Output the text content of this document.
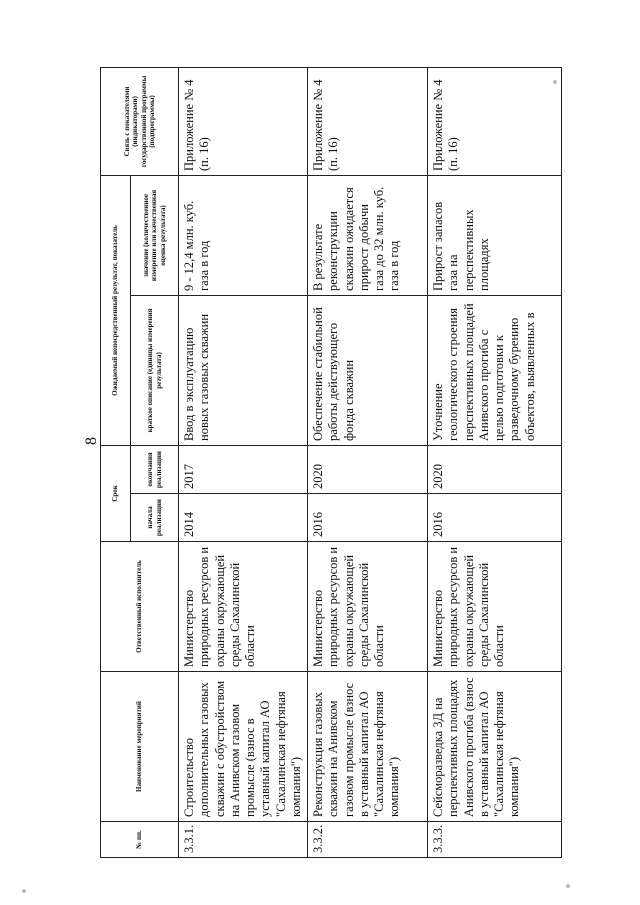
8
№ пп.	Наименование мероприятий	Ответственный исполнитель	Срок		Ожидаемый непосредственный результат, показатель		Связь с показателями (индикаторами) государственной программы (подпрограммы)
			начала реализации	окончания реализации	краткое описание (единицы измерения результата)	значение (количественное измерение или качественная оценка результата)	
3.3.1.	Строительство дополнительных газовых скважин с обустройством на Анивском газовом промысле (взнос в уставный капитал АО "Сахалинская нефтяная компания")	Министерство природных ресурсов и охраны окружающей среды Сахалинской области	2014	2017	Ввод в эксплуатацию новых газовых скважин	9 - 12,4 млн. куб. газа в год	Приложение № 4 (п. 16)
3.3.2.	Реконструкция газовых скважин на Анивском газовом промысле (взнос в уставный капитал АО "Сахалинская нефтяная компания")	Министерство природных ресурсов и охраны окружающей среды Сахалинской области	2016	2020	Обеспечение стабильной работы действующего фонда скважин	В результате реконструкции скважин ожидается прирост добычи газа до 32 млн. куб. газа в год	Приложение № 4 (п. 16)
3.3.3.	Сейсморазведка 3Д на перспективных площадях Анивского прогиба (взнос в уставный капитал АО "Сахалинская нефтяная компания")	Министерство природных ресурсов и охраны окружающей среды Сахалинской области	2016	2020	Уточнение геологического строения перспективных площадей Анивского прогиба с целью подготовки к разведочному бурению объектов, выявленных в	Прирост запасов газа на перспективных площадях	Приложение № 4 (п. 16)
